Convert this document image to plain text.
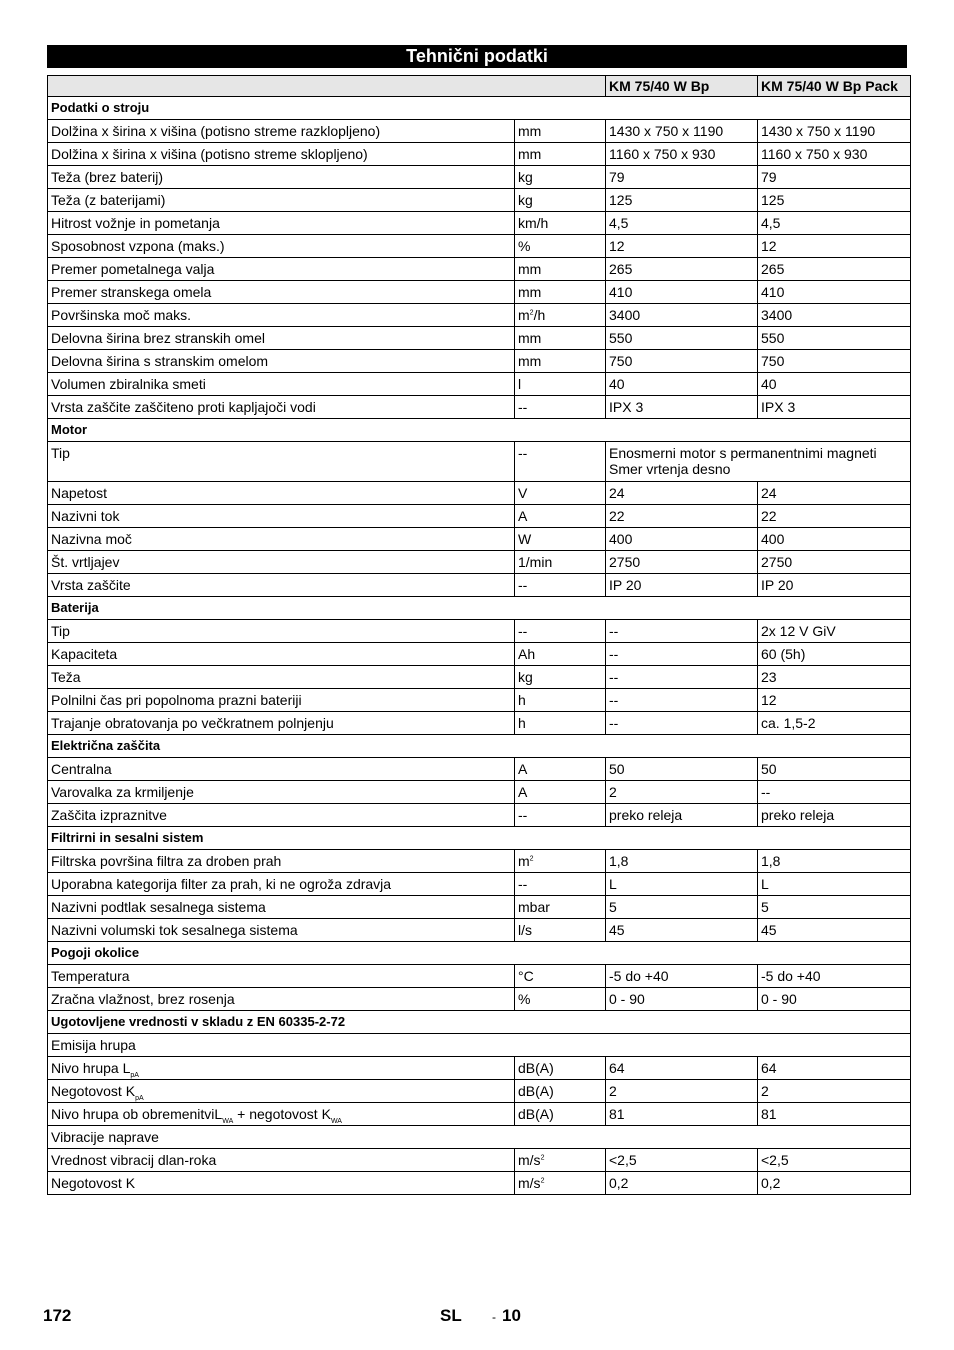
Tehnični podatki
		KM 75/40 W Bp	KM 75/40 W Bp Pack
Podatki o stroju			
Dolžina x širina x višina (potisno streme razklopljeno)	mm	1430 x 750 x 1190	1430 x 750 x 1190
Dolžina x širina x višina (potisno streme sklopljeno)	mm	1160 x 750 x 930	1160 x 750 x 930
Teža (brez baterij)	kg	79	79
Teža (z baterijami)	kg	125	125
Hitrost vožnje in pometanja	km/h	4,5	4,5
Sposobnost vzpona (maks.)	%	12	12
Premer pometalnega valja	mm	265	265
Premer stranskega omela	mm	410	410
Površinska moč maks.	$m^2/h$	3400	3400
Delovna širina brez stranskih omel	mm	550	550
Delovna širina s stranskim omelom	mm	750	750
Volumen zbiralnika smeti	l	40	40
Vrsta zaščite zaščiteno proti kapljajoči vodi	--	IPX 3	IPX 3
Motor			
Tip	--	Enosmerni motor s permanentnimi magneti
Smer vrtenja desno	

Napetost	V	24	24
Nazivni tok	A	22	22
Nazivna moč	W	400	400
Št. vrtljajev	1/min	2750	2750
Vrsta zaščite	--	IP 20	IP 20
Baterija			
Tip	--	--	2x 12 V GiV
Kapaciteta	Ah	--	60 (5h)
Teža	kg	--	23
Polnilni čas pri popolnoma prazni bateriji	h	--	12
Trajanje obratovanja po večkratnem polnjenju	h	--	ca. 1,5-2
Električna zaščita			
Centralna	A	50	50
Varovalka za krmiljenje	A	2	--
Zaščita izpraznitve	--	preko releja	preko releja
Filtrirni in sesalni sistem			
Filtrska površina filtra za droben prah	$m^2$	1,8	1,8
Uporabna kategorija filter za prah, ki ne ogroža zdravja	--	L	L
Nazivni podtlak sesalnega sistema	mbar	5	5
Nazivni volumski tok sesalnega sistema	l/s	45	45
Pogoji okolice			
Temperatura	°C	-5 do +40	-5 do +40
Zračna vlažnost, brez rosenja	%	0 - 90	0 - 90
Ugotovljene vrednosti v skladu z EN 60335-2-72			
Emisija hrupa			
Nivo hrupa $L_{pA}$	dB(A)	64	64
Negotovost $K_{pA}$	dB(A)	2	2
Nivo hrupa ob obremenitviL$_{WA}$ + negotovost $K_{WA}$	dB(A)	81	81
Vibracije naprave			
Vrednost vibracij dlan-roka	$m/s^2$	<2,5	<2,5
Negotovost K	$m/s^2$	0,2	0,2
172	SL	- 10
